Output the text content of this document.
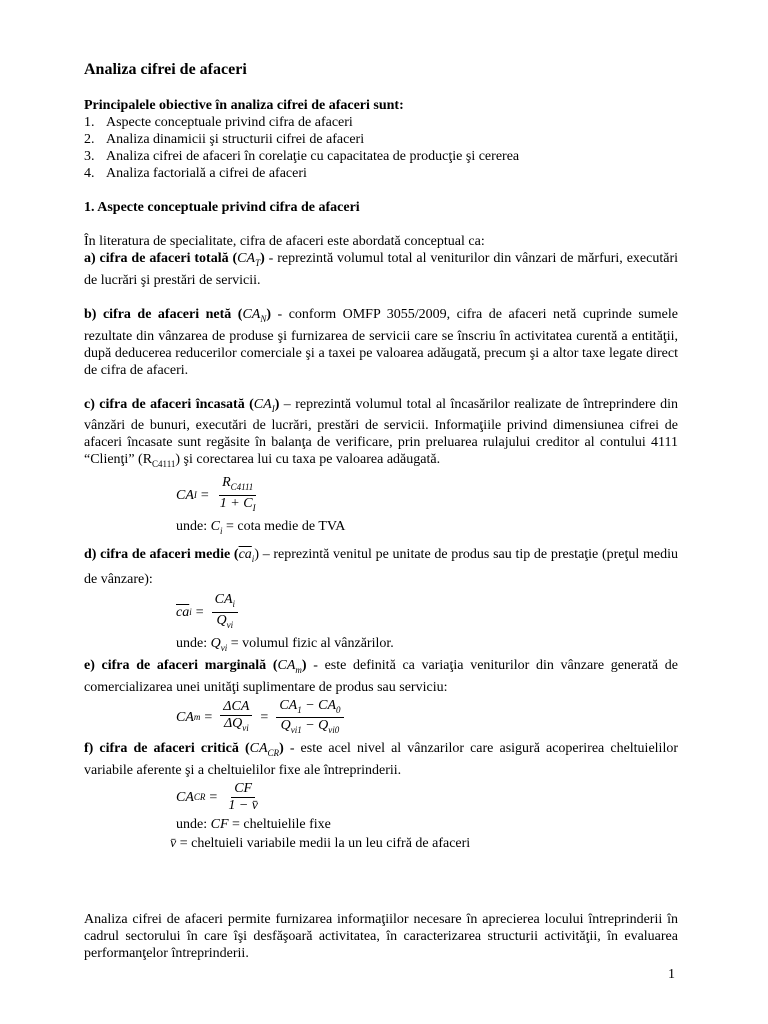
Analiza cifrei de afaceri

Principalele obiective în analiza cifrei de afaceri sunt:

1. Aspecte conceptuale privind cifra de afaceri
2. Analiza dinamicii şi structurii cifrei de afaceri
3. Analiza cifrei de afaceri în corelaţie cu capacitatea de producţie şi cererea
4. Analiza factorială a cifrei de afaceri

1. Aspecte conceptuale privind cifra de afaceri

În literatura de specialitate, cifra de afaceri este abordată conceptual ca:

a) cifra de afaceri totală $(CA_T)$ - reprezintă volumul total al veniturilor din vânzari de mărfuri, executări de lucrări şi prestări de servicii.

b) cifra de afaceri netă $(CA_N)$ - conform OMFP 3055/2009, cifra de afaceri netă cuprinde sumele rezultate din vânzarea de produse şi furnizarea de servicii care se înscriu în activitatea curentă a entităţii, după deducerea reducerilor comerciale şi a taxei pe valoarea adăugată, precum şi a altor taxe legate direct de cifra de afaceri.

c) cifra de afaceri încasată $(CA_I)$ – reprezintă volumul total al încasărilor realizate de întreprindere din vânzări de bunuri, executări de lucrări, prestări de servicii. Informaţiile privind dimensiunea cifrei de afaceri încasate sunt regăsite în balanţa de verificare, prin preluarea rulajului creditor al contului 4111 “Clienţi” $(R_{C4111})$ şi corectarea lui cu taxa pe valoarea adăugată.

CA $I = \frac{R_{C4111}}{1 + C_I}$

unde: $C_i = \cot a$ medie de TVA

d) cifra de afaceri medie $(\overline{ca}_i)$ – reprezintă venitul pe unitate de produs sau tip de prestaţie (preţul mediu de vânzare):

$\overline{ca}$ $i = \frac{CA_i}{Q_{vi}}$

unde: $Q_{vi}$ = volumul fizic al vânzărilor.

e) cifra de afaceri marginală $(CA_m)$ - este definită ca variaţia veniturilor din vânzare generată de comercializarea unei unităţi suplimentare de produs sau serviciu:

CA $m = \frac{\text{ΔCA}}{\Delta Q_{vi}} = \frac{CA_1 - CA_0}{Q_{vi1} - Q_{vi0}}$

f) cifra de afaceri critică $(CA_{CR})$ - este acel nivel al vânzarilor care asigură acoperirea cheltuielilor variabile aferente şi a cheltuielilor fixe ale întreprinderii.

CA CR = $\frac{CF}{1 - v̄}$

unde: CF = cheltuielile fixe

v̄ = cheltuieli variabile medii la un leu cifră de afaceri

Analiza cifrei de afaceri permite furnizarea informaţiilor necesare în aprecierea locului întreprinderii în cadrul sectorului în care îşi desfăşoară activitatea, în caracterizarea structurii activităţii, în evaluarea performanţelor întreprinderii.

1
